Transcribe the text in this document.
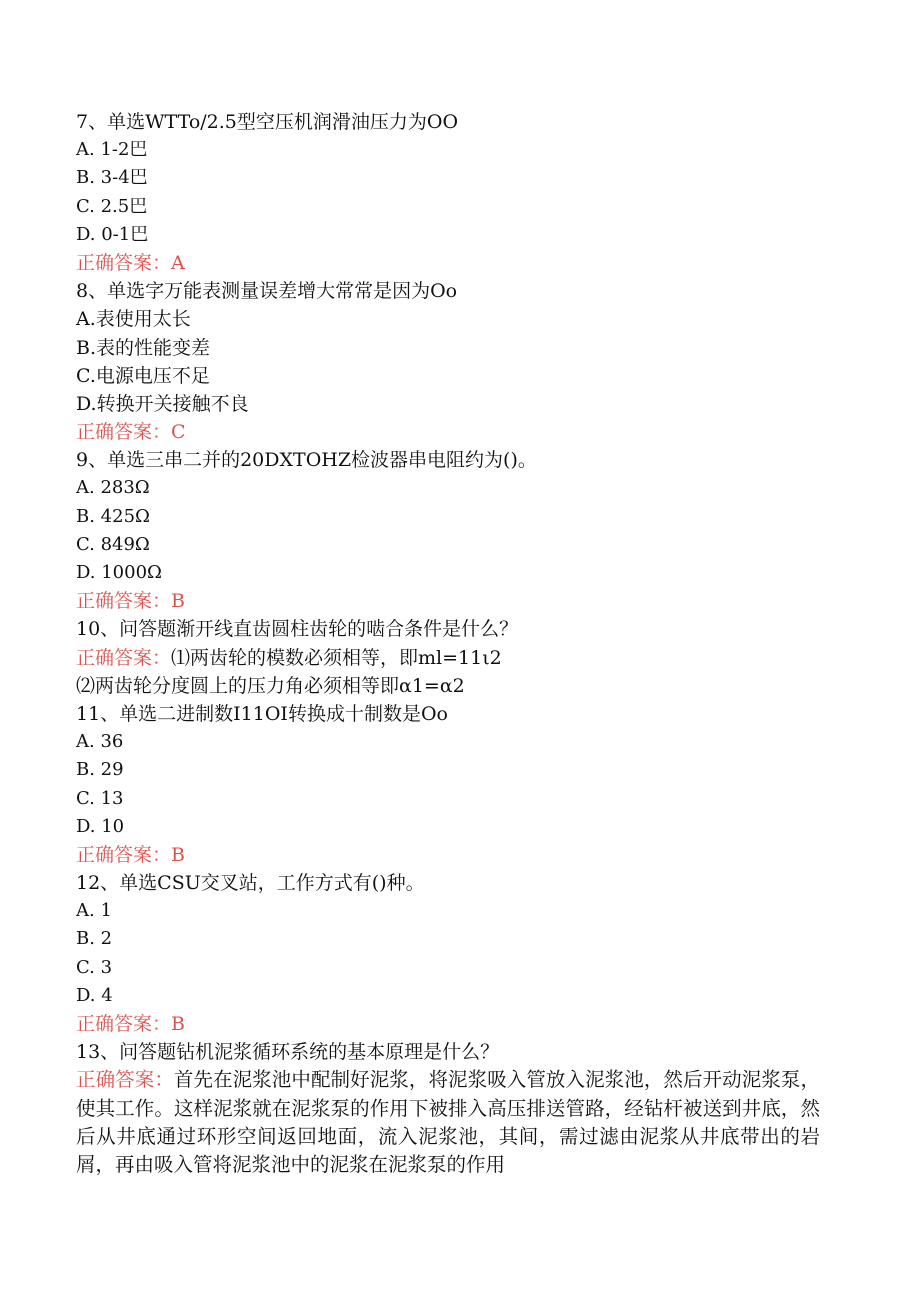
7、单选WTTo/2.5型空压机润滑油压力为OO
A. 1-2巴
B. 3-4巴
C. 2.5巴
D. 0-1巴
正确答案：A
8、单选字万能表测量误差增大常常是因为Oo
A.表使用太长
B.表的性能变差
C.电源电压不足
D.转换开关接触不良
正确答案：C
9、单选三串二并的20DXTOHZ检波器串电阻约为()。
A. 283Ω
B. 425Ω
C. 849Ω
D. 1000Ω
正确答案：B
10、问答题渐开线直齿圆柱齿轮的啮合条件是什么？
正确答案：⑴两齿轮的模数必须相等，即ml=11ι2
⑵两齿轮分度圆上的压力角必须相等即α1=α2
11、单选二进制数I11OI转换成十制数是Oo
A. 36
B. 29
C. 13
D. 10
正确答案：B
12、单选CSU交叉站，工作方式有()种。
A. 1
B. 2
C. 3
D. 4
正确答案：B
13、问答题钻机泥浆循环系统的基本原理是什么？
正确答案：首先在泥浆池中配制好泥浆，将泥浆吸入管放入泥浆池，然后开动泥浆泵，使其工作。这样泥浆就在泥浆泵的作用下被排入高压排送管路，经钻杆被送到井底，然后从井底通过环形空间返回地面，流入泥浆池，其间，需过滤由泥浆从井底带出的岩屑，再由吸入管将泥浆池中的泥浆在泥浆泵的作用
